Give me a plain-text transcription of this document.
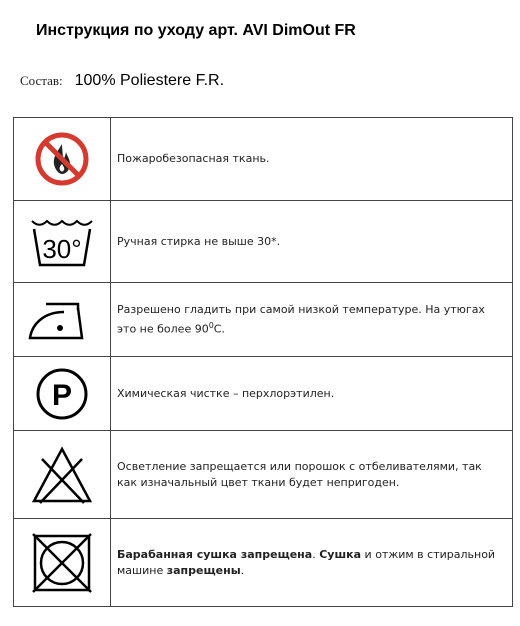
Инструкция по уходу арт. AVI DimOut FR
Состав: 100% Poliestere F.R.
	Пожаробезопасная ткань.

30°	Ручная стирка не выше 30*.

	Разрешено гладить при самой низкой температуре. На утюгах это не более $90^0С$.

P	Химическая чистке – перхлорэтилен.

	Осветление запрещается или порошок с отбеливателями, так как изначальный цвет ткани будет непригоден.

	Барабанная сушка запрещена. Сушка и отжим в стиральной машине запрещены.
